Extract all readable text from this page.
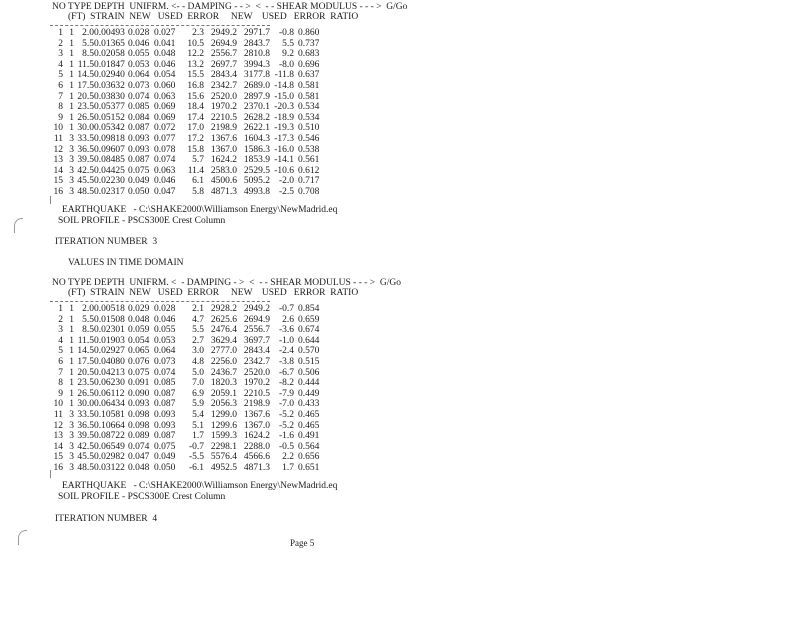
NO TYPE DEPTH  UNIFRM. <- - DAMPING - - >  <  - - SHEAR MODULUS - - - >  G/Go
(FT)  STRAIN  NEW   USED  ERROR     NEW    USED   ERROR  RATIO
1 1 2.0 0.00493 0.028 0.027	2.3 2949.2 2971.7 -0.8 0.860
2 1 5.5 0.01365 0.046 0.041	10.5 2694.9 2843.7	5.5 0.737
3 1 8.5 0.02058 0.055 0.048	12.2 2556.7 2810.8	9.2 0.683
4 1 11.5 0.01847 0.053 0.046	13.2 2697.7 3994.3 -8.0 0.696
5 1 14.5 0.02940 0.064 0.054	15.5 2843.4 3177.8 -11.8 0.637
6 1 17.5 0.03632 0.073 0.060	16.8 2342.7 2689.0 -14.8 0.581
7 1 20.5 0.03830 0.074 0.063	15.6 2520.0 2897.9 -15.0 0.581
8 1 23.5 0.05377 0.085 0.069	18.4 1970.2 2370.1 -20.3 0.534
9 1 26.5 0.05152 0.084 0.069	17.4 2210.5 2628.2 -18.9 0.534
10 1 30.0 0.05342 0.087 0.072	17.0 2198.9 2622.1 -19.3 0.510
11 3 33.5 0.09818 0.093 0.077	17.2 1367.6 1604.3 -17.3 0.546
12 3 36.5 0.09607 0.093 0.078	15.8 1367.0 1586.3 -16.0 0.538
13 3 39.5 0.08485 0.087 0.074	5.7 1624.2 1853.9 -14.1 0.561
14 3 42.5 0.04425 0.075 0.063	11.4 2583.0 2529.5 -10.6 0.612
15 3 45.5 0.02230 0.049 0.046	6.1 4500.6 5095.2 -2.0 0.717
16 3 48.5 0.02317 0.050 0.047	5.8 4871.3 4993.8 -2.5 0.708
EARTHQUAKE   - C:\SHAKE2000\Williamson Energy\NewMadrid.eq
SOIL PROFILE - PSCS300E Crest Column
ITERATION NUMBER  3
VALUES IN TIME DOMAIN
NO TYPE DEPTH  UNIFRM. <  - DAMPING - >  <  - - SHEAR MODULUS - - - >  G/Go
(FT)  STRAIN  NEW   USED  ERROR     NEW    USED   ERROR  RATIO
1 1 2.0 0.00518 0.029 0.028	2.1 2928.2 2949.2 -0.7 0.854
2 1 5.5 0.01508 0.048 0.046	4.7 2625.6 2694.9	2.6 0.659
3 1 8.5 0.02301 0.059 0.055	5.5 2476.4 2556.7 -3.6 0.674
4 1 11.5 0.01903 0.054 0.053	2.7 3629.4 3697.7 -1.0 0.644
5 1 14.5 0.02927 0.065 0.064	3.0 2777.0 2843.4 -2.4 0.570
6 1 17.5 0.04080 0.076 0.073	4.8 2256.0 2342.7 -3.8 0.515
7 1 20.5 0.04213 0.075 0.074	5.0 2436.7 2520.0 -6.7 0.506
8 1 23.5 0.06230 0.091 0.085	7.0 1820.3 1970.2 -8.2 0.444
9 1 26.5 0.06112 0.090 0.087	6.9 2059.1 2210.5 -7.9 0.449
10 1 30.0 0.06434 0.093 0.087	5.9 2056.3 2198.9 -7.0 0.433
11 3 33.5 0.10581 0.098 0.093	5.4 1299.0 1367.6 -5.2 0.465
12 3 36.5 0.10664 0.098 0.093	5.1 1299.6 1367.0 -5.2 0.465
13 3 39.5 0.08722 0.089 0.087	1.7 1599.3 1624.2 -1.6 0.491
14 3 42.5 0.06549 0.074 0.075	-0.7 2298.1 2288.0 -0.5 0.564
15 3 45.5 0.02982 0.047 0.049	-5.5 5576.4 4566.6	2.2 0.656
16 3 48.5 0.03122 0.048 0.050	-6.1 4952.5 4871.3	1.7 0.651
EARTHQUAKE   - C:\SHAKE2000\Williamson Energy\NewMadrid.eq
SOIL PROFILE - PSCS300E Crest Column
ITERATION NUMBER  4
Page 5
